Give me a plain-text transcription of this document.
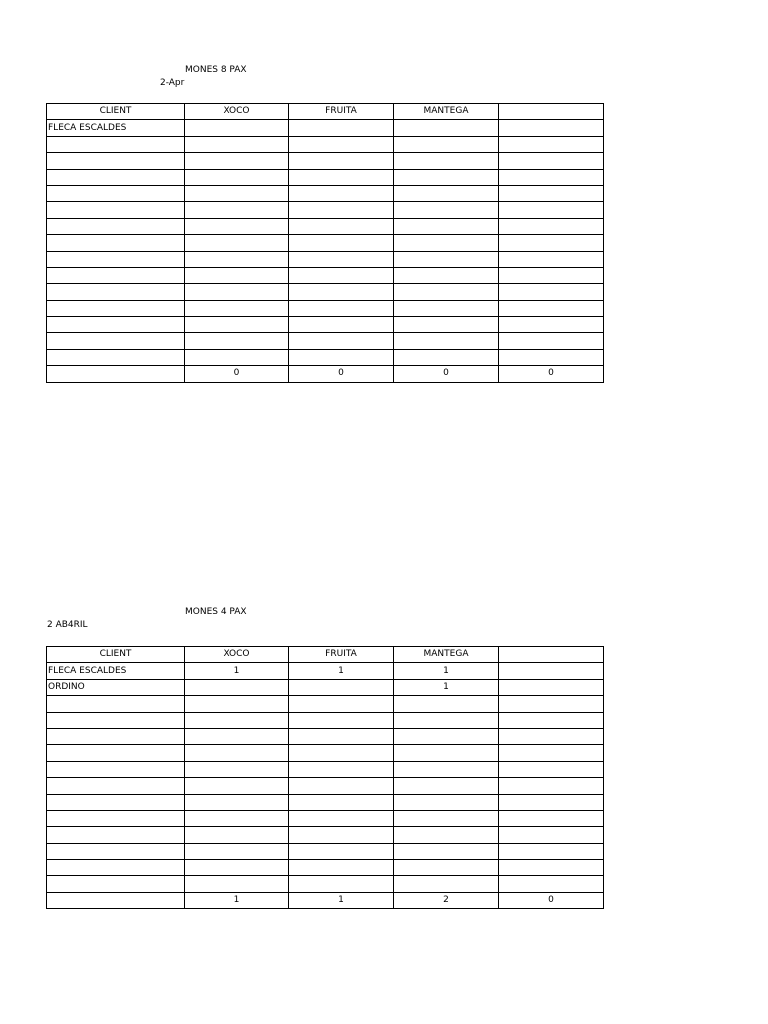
MONES 8 PAX
2-Apr
CLIENT	XOCO	FRUITA	MANTEGA	
FLECA ESCALDES				

	0	0	0	0
MONES 4 PAX
2 AB4RIL
CLIENT	XOCO	FRUITA	MANTEGA	
FLECA ESCALDES	1	1	1	
ORDINO			1	

	1	1	2	0
